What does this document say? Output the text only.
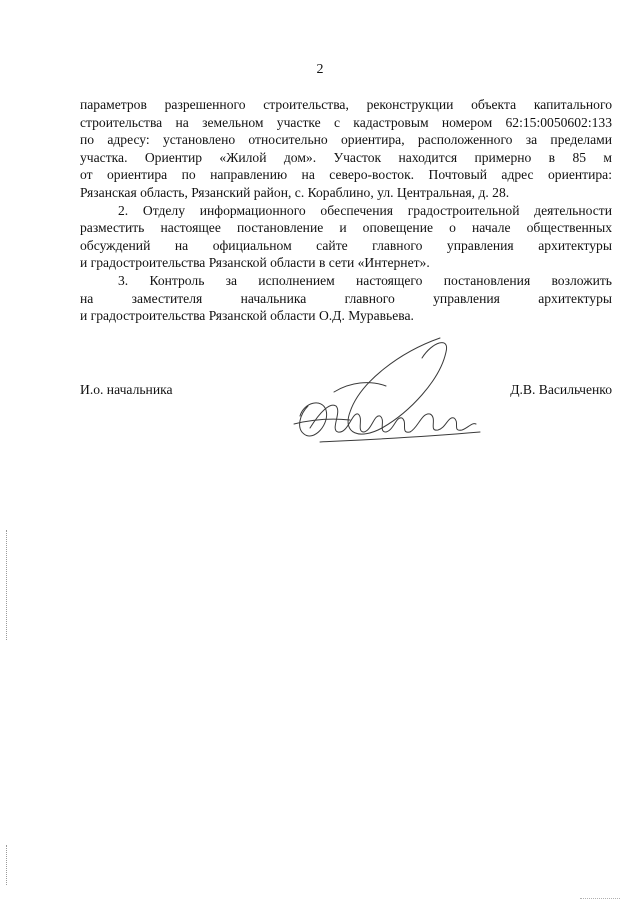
2

параметров разрешенного строительства, реконструкции объекта капитального
строительства на земельном участке с кадастровым номером 62:15:0050602:133
по адресу: установлено относительно ориентира, расположенного за пределами
участка. Ориентир «Жилой дом». Участок находится примерно в 85 м
от ориентира по направлению на северо-восток. Почтовый адрес ориентира:
Рязанская область, Рязанский район, с. Кораблино, ул. Центральная, д. 28.

2. Отделу информационного обеспечения градостроительной деятельности
разместить настоящее постановление и оповещение о начале общественных
обсуждений на официальном сайте главного управления архитектуры
и градостроительства Рязанской области в сети «Интернет».

3. Контроль за исполнением настоящего постановления возложить
на заместителя начальника главного управления архитектуры
и градостроительства Рязанской области О.Д. Муравьева.

И.о. начальника	Д.В. Васильченко
